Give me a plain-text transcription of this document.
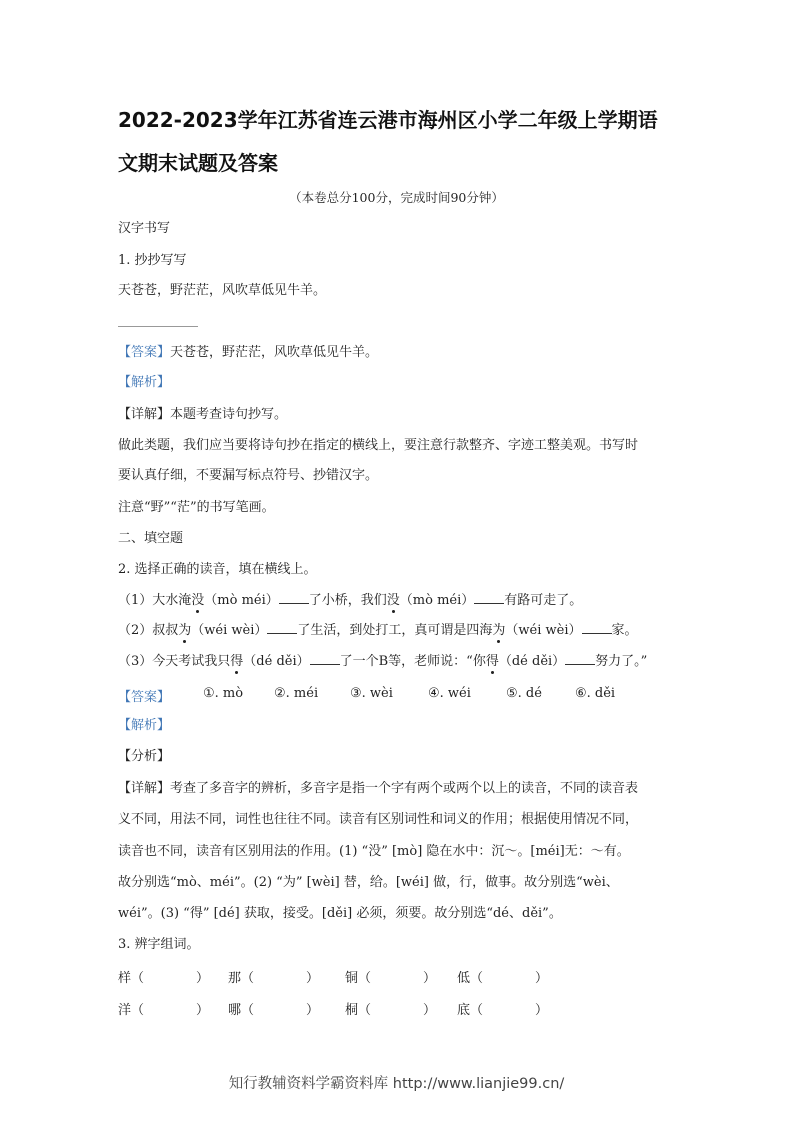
2022-2023学年江苏省连云港市海州区小学二年级上学期语
文期末试题及答案
（本卷总分100分，完成时间90分钟）
汉字书写
1. 抄抄写写
天苍苍，野茫茫，风吹草低见牛羊。
【答案】天苍苍，野茫茫，风吹草低见牛羊。
【解析】
【详解】本题考查诗句抄写。
做此类题，我们应当要将诗句抄在指定的横线上，要注意行款整齐、字迹工整美观。书写时
要认真仔细，不要漏写标点符号、抄错汉字。
注意“野”“茫”的书写笔画。
二、填空题
2. 选择正确的读音，填在横线上。
（1）大水淹没（mò méi） 了小桥，我们没（mò méi） 有路可走了。
（2）叔叔为（wéi wèi） 了生活，到处打工，真可谓是四海为（wéi wèi） 家。
（3）今天考试我只得（dé děi） 了一个B等，老师说：“你得（dé děi） 努力了。”
【答案】	①. mò ②. méi ③. wèi	④. wéi	⑤. dé	⑥. děi
【解析】
【分析】
【详解】考查了多音字的辨析，多音字是指一个字有两个或两个以上的读音，不同的读音表
义不同，用法不同，词性也往往不同。读音有区别词性和词义的作用；根据使用情况不同，
读音也不同，读音有区别用法的作用。(1) “没” [mò] 隐在水中：沉～。[méi]无：～有。
故分别选“mò、méi”。(2) “为” [wèi] 替，给。[wéi] 做，行，做事。故分别选“wèi、
wéi”。(3) “得” [dé] 获取，接受。[děi] 必须，须要。故分别选“dé、děi”。
3. 辨字组词。
样（　　　　） 那（　　　　） 铜（　　　　） 低（　　　　）
洋（　　　　） 哪（　　　　） 桐（　　　　） 底（　　　　）
知行教辅资料学霸资料库 http://www.lianjie99.cn/
